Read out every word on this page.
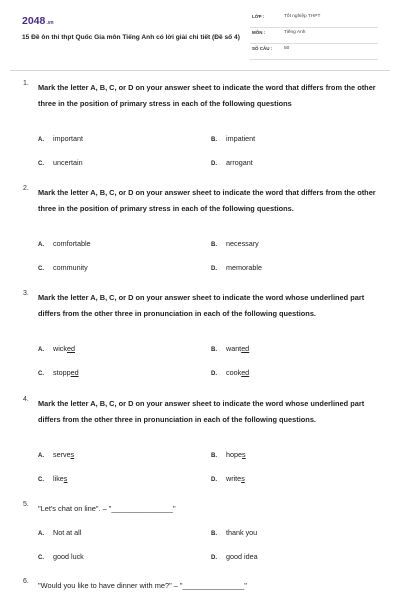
2048.vn
15 Đề ôn thi thpt Quốc Gia môn Tiếng Anh có lời giải chi tiết (Đề số 4)
LỚP :	Tốt nghiệp THPT
MÔN :	Tiếng Anh
SỐ CÂU : 50
1. Mark the letter A, B, C, or D on your answer sheet to indicate the word that differs from the other three in the position of primary stress in each of the following questions
A. important	B. impatient
C. uncertain	D. arrogant
2. Mark the letter A, B, C, or D on your answer sheet to indicate the word that differs from the other three in the position of primary stress in each of the following questions.
A. comfortable	B. necessary
C. community	D. memorable
3. Mark the letter A, B, C, or D on your answer sheet to indicate the word whose underlined part differs from the other three in pronunciation in each of the following questions.
A. wicked	B. wanted
C. stopped	D. cooked
4. Mark the letter A, B, C, or D on your answer sheet to indicate the word whose underlined part differs from the other three in pronunciation in each of the following questions.
A. serves	B. hopes
C. likes	D. writes
5. "Let's chat on line". – "_______________"
A. Not at all	B. thank you
C. good luck	D. good idea
6. "Would you like to have dinner with me?" – "_______________"
